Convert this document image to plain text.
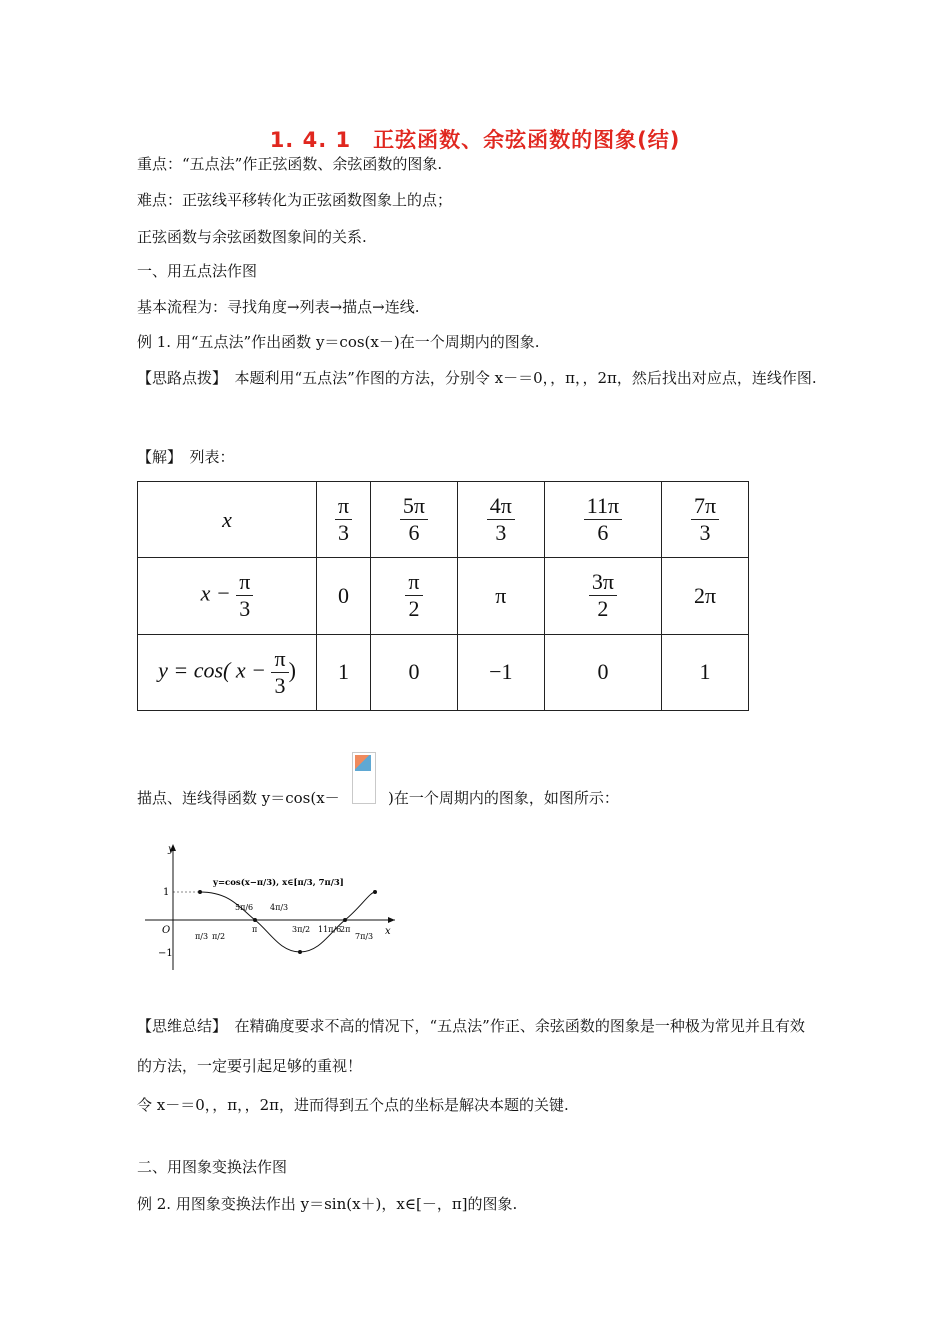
1. 4. 1　正弦函数、余弦函数的图象(结)
重点：“五点法”作正弦函数、余弦函数的图象.
难点：正弦线平移转化为正弦函数图象上的点；
正弦函数与余弦函数图象间的关系.
一、用五点法作图
基本流程为：寻找角度→列表→描点→连线.
例 1. 用“五点法”作出函数 y＝cos(x－)在一个周期内的图象.
【思路点拨】　本题利用“五点法”作图的方法，分别令 x－＝0，，π，，2π，然后找出对应点，连线作图.
【解】　列表：
x	$\frac{\pi}{3}$	$\frac{5\pi}{6}$	$\frac{4\pi}{3}$	$\frac{11\pi}{6}$	$\frac{7\pi}{3}$

$x - \frac{\pi}{3}$	0	$\frac{\pi}{2}$	π	$\frac{3\pi}{2}$	2π
y = cos( $x - \frac{\pi}{3}$ )	1	0	−1	0	1
描点、连线得函数 y＝cos(x－	)在一个周期内的图象，如图所示：
y
x
O
1
−1
y=cos(x−π/3), x∈[π/3, 7π/3]
5π/6 4π/3
π/3 π/2
π	3π/2 11π/6
2π
7π/3
【思维总结】　在精确度要求不高的情况下，“五点法”作正、余弦函数的图象是一种极为常见并且有效的方法，一定要引起足够的重视！
令 x－＝0，，π，，2π，进而得到五个点的坐标是解决本题的关键.
二、用图象变换法作图
例 2. 用图象变换法作出 y＝sin(x＋)，x∈[－，π]的图象.
